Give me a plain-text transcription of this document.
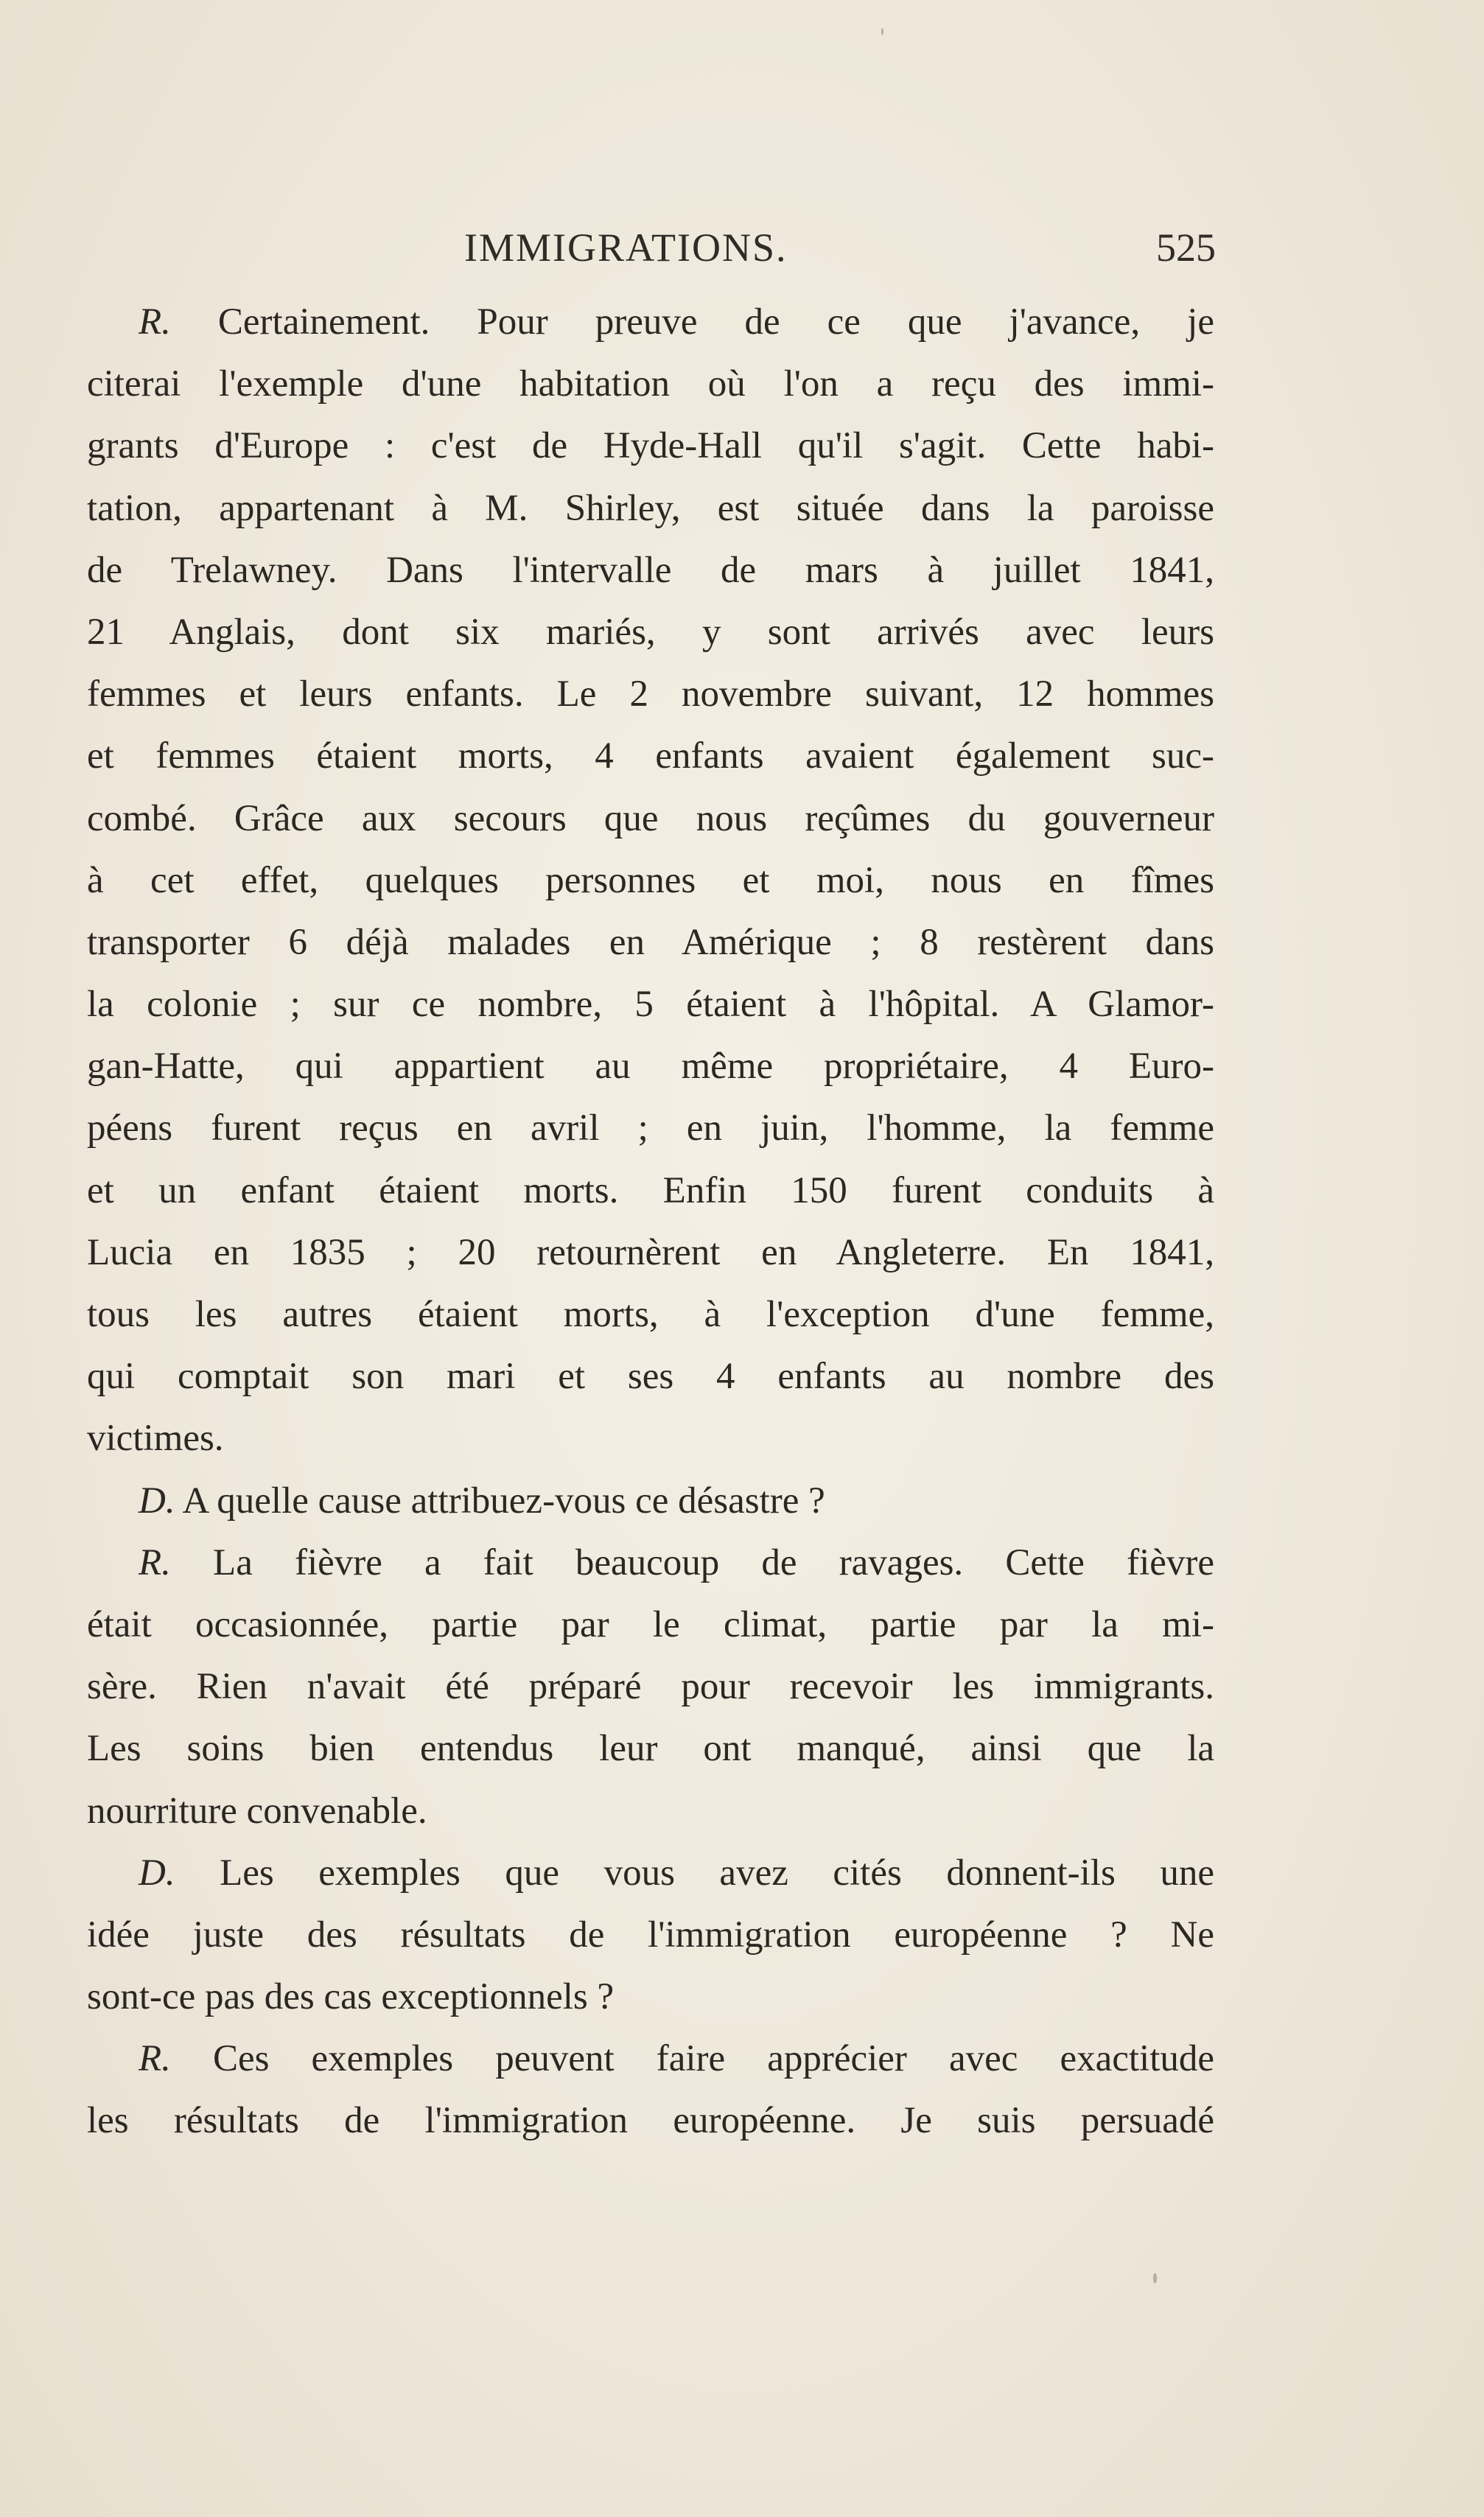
IMMIGRATIONS.	525
R. Certainement. Pour preuve de ce que j'avance, je
citerai l'exemple d'une habitation où l'on a reçu des immi-
grants d'Europe : c'est de Hyde-Hall qu'il s'agit. Cette habi-
tation, appartenant à M. Shirley, est située dans la paroisse
de Trelawney. Dans l'intervalle de mars à juillet 1841,
21 Anglais, dont six mariés, y sont arrivés avec leurs
femmes et leurs enfants. Le 2 novembre suivant, 12 hommes
et femmes étaient morts, 4 enfants avaient également suc-
combé. Grâce aux secours que nous reçûmes du gouverneur
à cet effet, quelques personnes et moi, nous en fîmes
transporter 6 déjà malades en Amérique ; 8 restèrent dans
la colonie ; sur ce nombre, 5 étaient à l'hôpital. A Glamor-
gan-Hatte, qui appartient au même propriétaire, 4 Euro-
péens furent reçus en avril ; en juin, l'homme, la femme
et un enfant étaient morts. Enfin 150 furent conduits à
Lucia en 1835 ; 20 retournèrent en Angleterre. En 1841,
tous les autres étaient morts, à l'exception d'une femme,
qui comptait son mari et ses 4 enfants au nombre des
victimes.
D. A quelle cause attribuez-vous ce désastre ?
R. La fièvre a fait beaucoup de ravages. Cette fièvre
était occasionnée, partie par le climat, partie par la mi-
sère. Rien n'avait été préparé pour recevoir les immigrants.
Les soins bien entendus leur ont manqué, ainsi que la
nourriture convenable.
D. Les exemples que vous avez cités donnent-ils une
idée juste des résultats de l'immigration européenne ? Ne
sont-ce pas des cas exceptionnels ?
R. Ces exemples peuvent faire apprécier avec exactitude
les résultats de l'immigration européenne. Je suis persuadé
